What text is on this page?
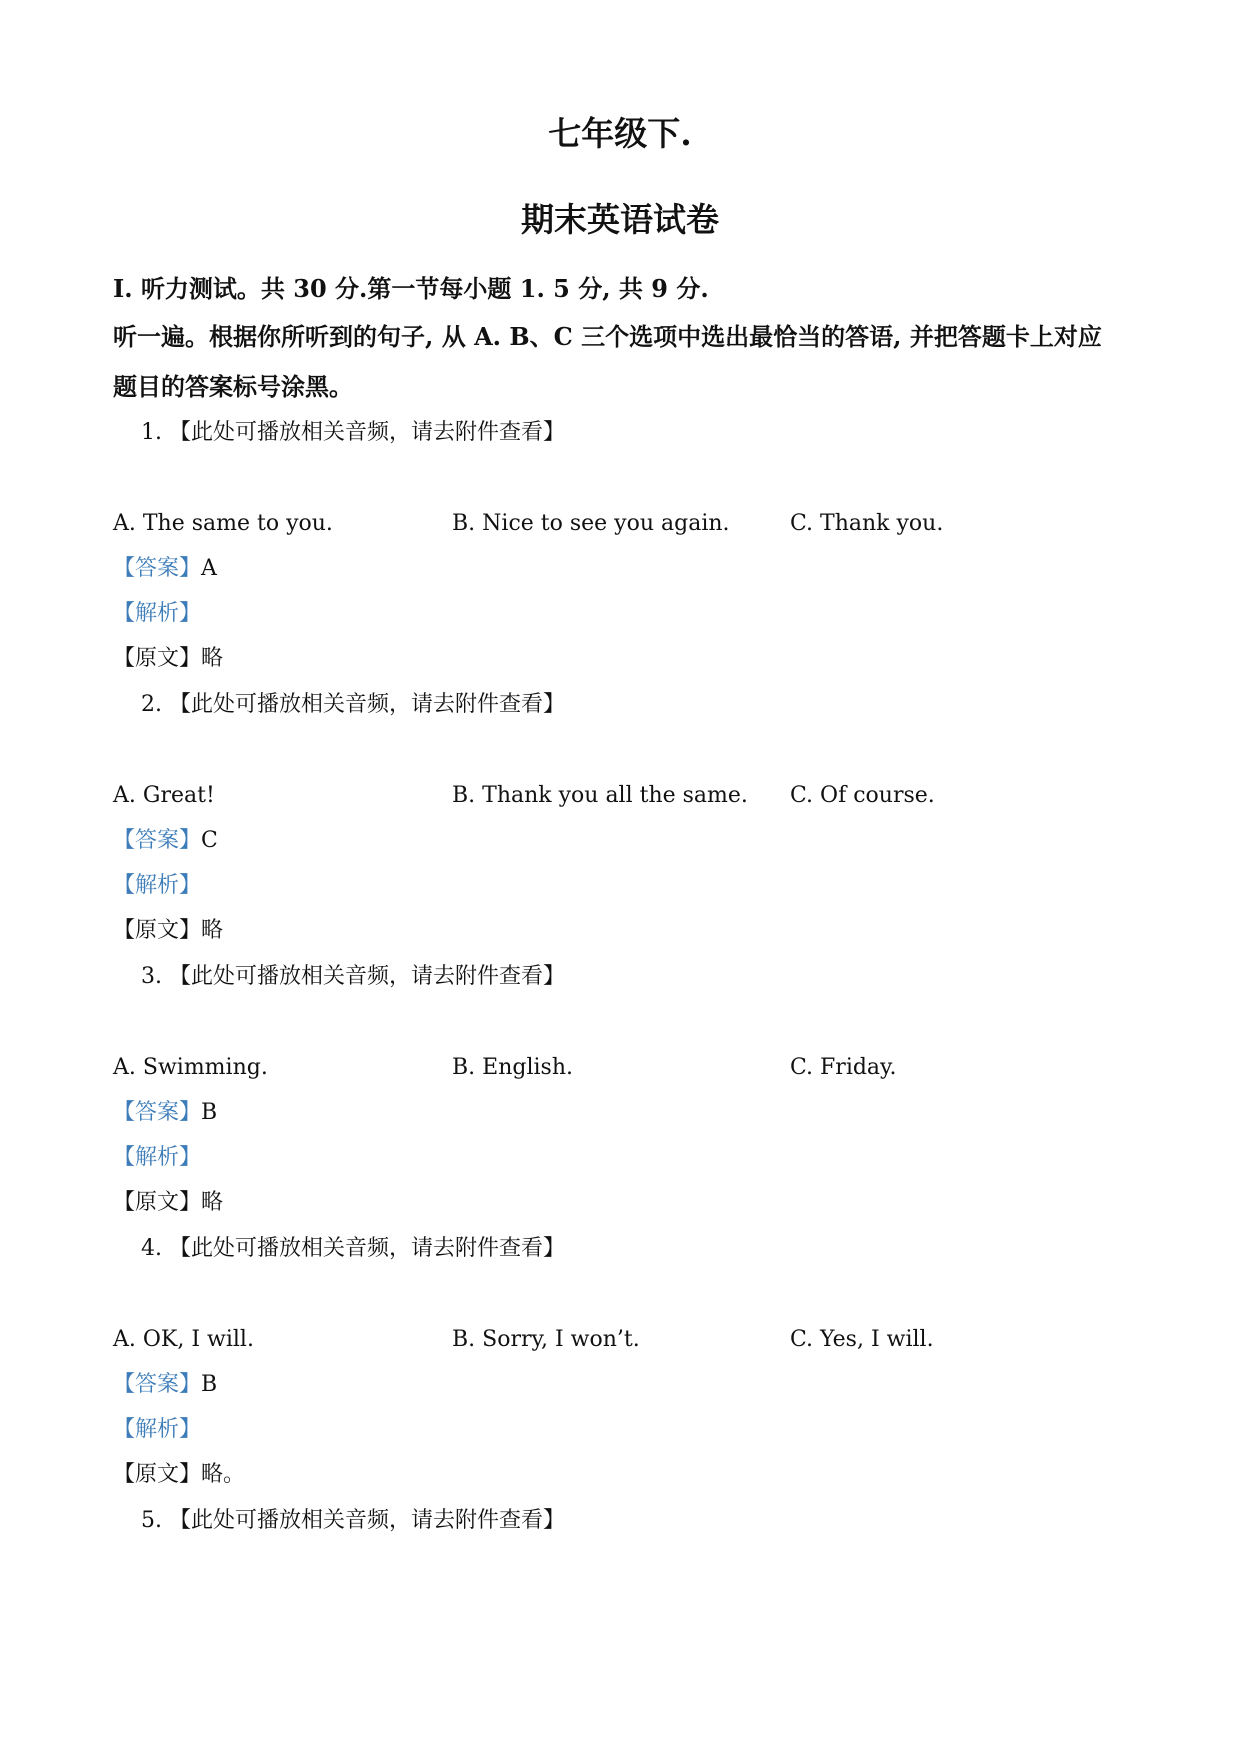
七年级下.
期末英语试卷
I. 听力测试。共 30 分.第一节每小题 1. 5 分, 共 9 分.
听一遍。根据你所听到的句子, 从 A. B、C 三个选项中选出最恰当的答语, 并把答题卡上对应
题目的答案标号涂黑。
1. 【此处可播放相关音频，请去附件查看】
A. The same to you.	B. Nice to see you again.	C. Thank you.
【答案】A
【解析】
【原文】略
2. 【此处可播放相关音频，请去附件查看】
A. Great!	B. Thank you all the same. C. Of course.
【答案】C
【解析】
【原文】略
3. 【此处可播放相关音频，请去附件查看】
A. Swimming.	B. English.	C. Friday.
【答案】B
【解析】
【原文】略
4. 【此处可播放相关音频，请去附件查看】
A. OK, I will.	B. Sorry, I won’t.	C. Yes, I will.
【答案】B
【解析】
【原文】略。
5. 【此处可播放相关音频，请去附件查看】
